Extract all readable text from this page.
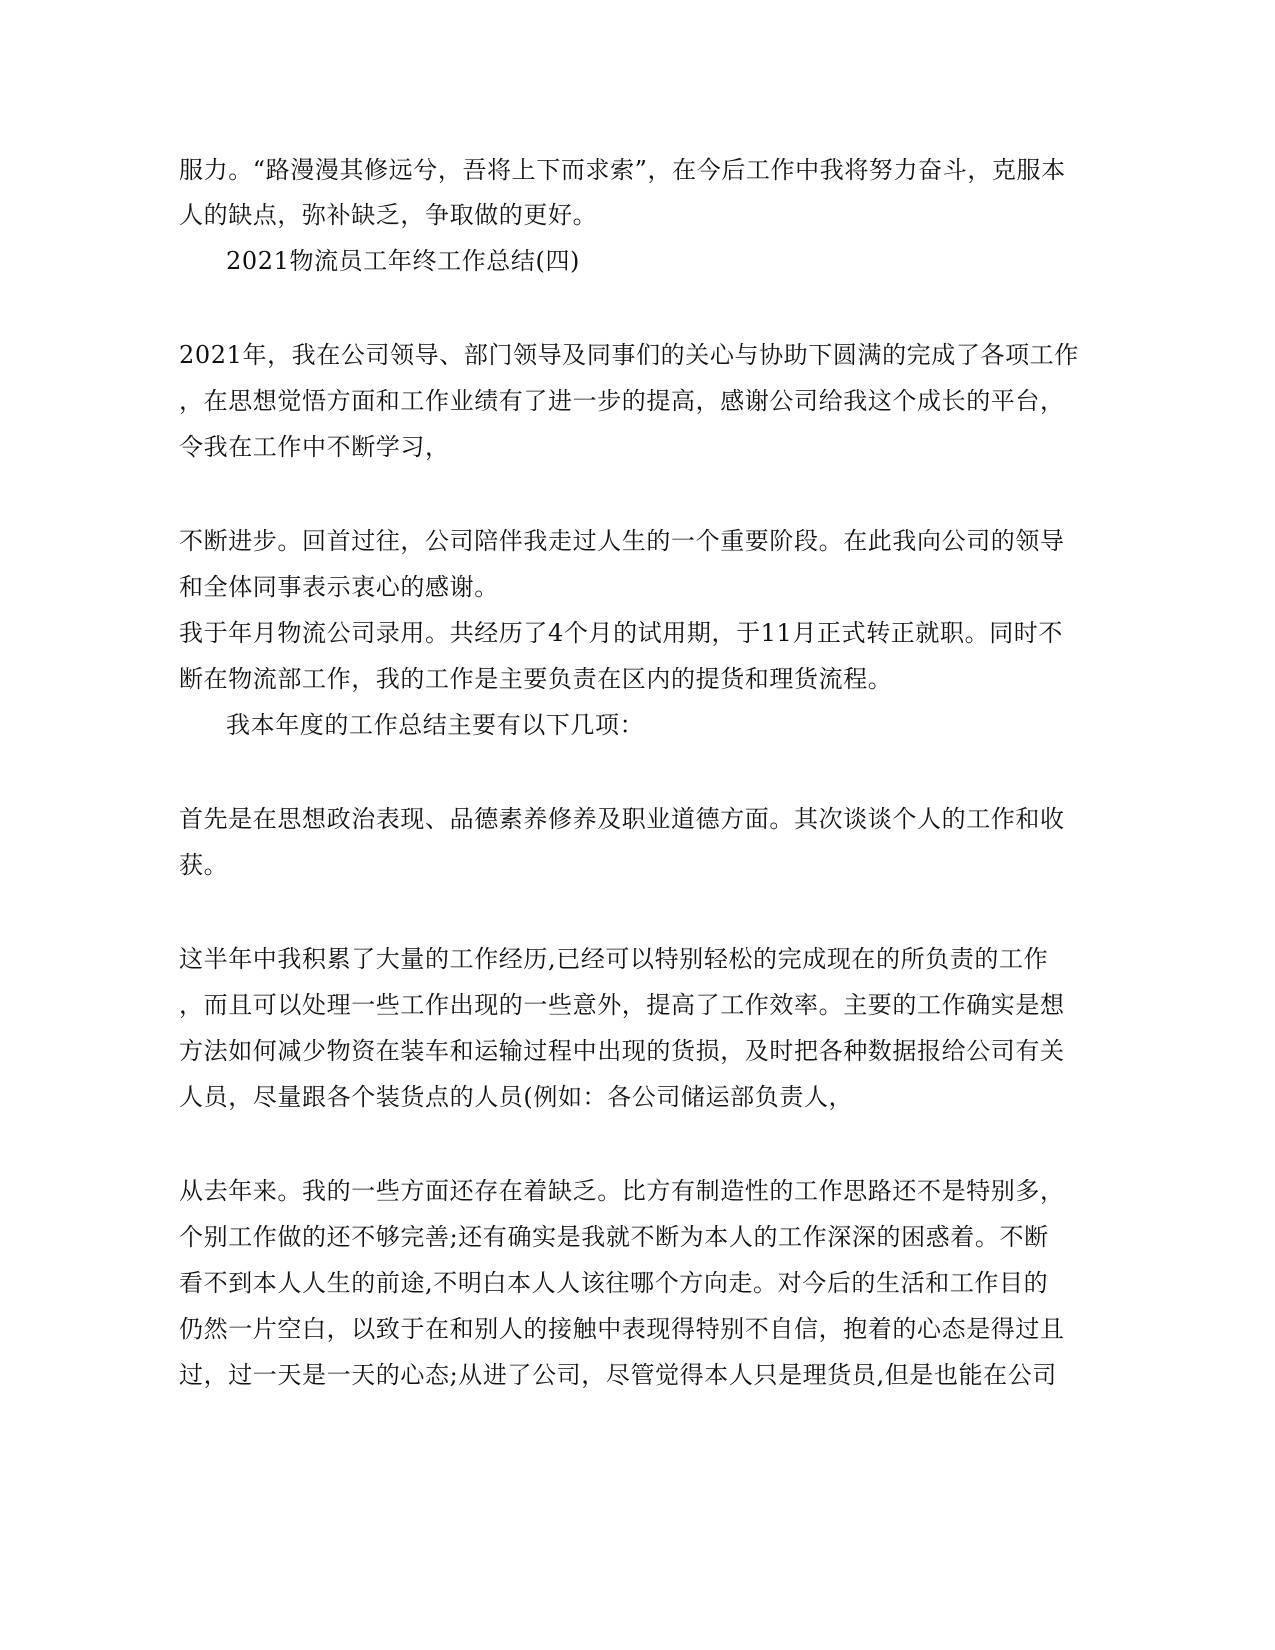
服力。“路漫漫其修远兮，吾将上下而求索”，在今后工作中我将努力奋斗，克服本
人的缺点，弥补缺乏，争取做的更好。
2021物流员工年终工作总结(四)
2021年，我在公司领导、部门领导及同事们的关心与协助下圆满的完成了各项工作
，在思想觉悟方面和工作业绩有了进一步的提高，感谢公司给我这个成长的平台，
令我在工作中不断学习，
不断进步。回首过往，公司陪伴我走过人生的一个重要阶段。在此我向公司的领导
和全体同事表示衷心的感谢。
我于年月物流公司录用。共经历了4个月的试用期，于11月正式转正就职。同时不
断在物流部工作，我的工作是主要负责在区内的提货和理货流程。
我本年度的工作总结主要有以下几项：
首先是在思想政治表现、品德素养修养及职业道德方面。其次谈谈个人的工作和收
获。
这半年中我积累了大量的工作经历,已经可以特别轻松的完成现在的所负责的工作
，而且可以处理一些工作出现的一些意外，提高了工作效率。主要的工作确实是想
方法如何减少物资在装车和运输过程中出现的货损，及时把各种数据报给公司有关
人员，尽量跟各个装货点的人员(例如：各公司储运部负责人，
从去年来。我的一些方面还存在着缺乏。比方有制造性的工作思路还不是特别多，
个别工作做的还不够完善;还有确实是我就不断为本人的工作深深的困惑着。不断
看不到本人人生的前途,不明白本人人该往哪个方向走。对今后的生活和工作目的
仍然一片空白，以致于在和别人的接触中表现得特别不自信，抱着的心态是得过且
过，过一天是一天的心态;从进了公司，尽管觉得本人只是理货员,但是也能在公司
